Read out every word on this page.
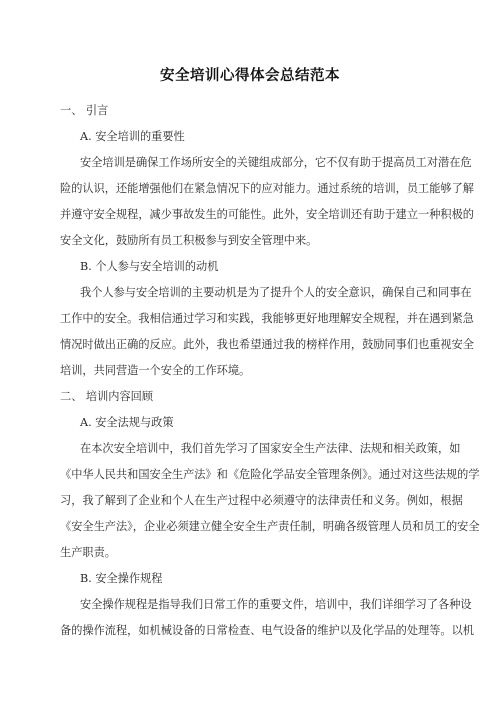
安全培训心得体会总结范本
一、 引言
A. 安全培训的重要性
安全培训是确保工作场所安全的关键组成部分，它不仅有助于提高员工对潜在危
险的认识，还能增强他们在紧急情况下的应对能力。通过系统的培训，员工能够了解
并遵守安全规程，减少事故发生的可能性。此外，安全培训还有助于建立一种积极的
安全文化，鼓励所有员工积极参与到安全管理中来。
B. 个人参与安全培训的动机
我个人参与安全培训的主要动机是为了提升个人的安全意识，确保自己和同事在
工作中的安全。我相信通过学习和实践，我能够更好地理解安全规程，并在遇到紧急
情况时做出正确的反应。此外，我也希望通过我的榜样作用，鼓励同事们也重视安全
培训，共同营造一个安全的工作环境。
二、 培训内容回顾
A. 安全法规与政策
在本次安全培训中，我们首先学习了国家安全生产法律、法规和相关政策，如
《中华人民共和国安全生产法》和《危险化学品安全管理条例》。通过对这些法规的学
习，我了解到了企业和个人在生产过程中必须遵守的法律责任和义务。例如，根据
《安全生产法》，企业必须建立健全安全生产责任制，明确各级管理人员和员工的安全
生产职责。
B. 安全操作规程
安全操作规程是指导我们日常工作的重要文件，培训中，我们详细学习了各种设
备的操作流程，如机械设备的日常检查、电气设备的维护以及化学品的处理等。以机
